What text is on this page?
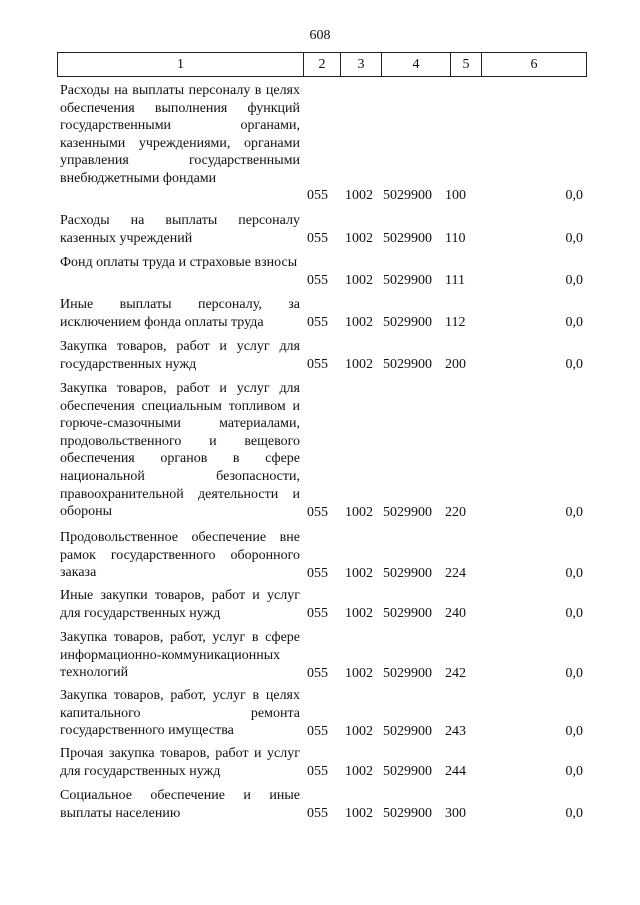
608
1	2	3	4	5	6
Расходы на выплаты персоналу в целях обеспечения выполнения функций государственными органами, казенными учреждениями, органами управления государственными внебюджетными фондами
055 1002 5029900 100	0,0
Расходы на выплаты персоналу казенных учреждений	055 1002 5029900 110	0,0
Фонд оплаты труда и страховые взносы
055 1002 5029900 111	0,0
Иные выплаты персоналу, за исключением фонда оплаты труда	055 1002 5029900 112	0,0
Закупка товаров, работ и услуг для государственных нужд	055 1002 5029900 200	0,0
Закупка товаров, работ и услуг для обеспечения специальным топливом и горюче-смазочными материалами, продовольственного и вещевого обеспечения органов в сфере национальной безопасности, правоохранительной деятельности и обороны	055 1002 5029900 220	0,0
Продовольственное обеспечение вне рамок государственного оборонного заказа	055 1002 5029900 224	0,0
Иные закупки товаров, работ и услуг для государственных нужд	055 1002 5029900 240	0,0
Закупка товаров, работ, услуг в сфере информационно-коммуникационных технологий	055 1002 5029900 242	0,0
Закупка товаров, работ, услуг в целях капитального ремонта государственного имущества	055 1002 5029900 243	0,0
Прочая закупка товаров, работ и услуг для государственных нужд	055 1002 5029900 244	0,0
Социальное обеспечение и иные выплаты населению	055 1002 5029900 300	0,0
